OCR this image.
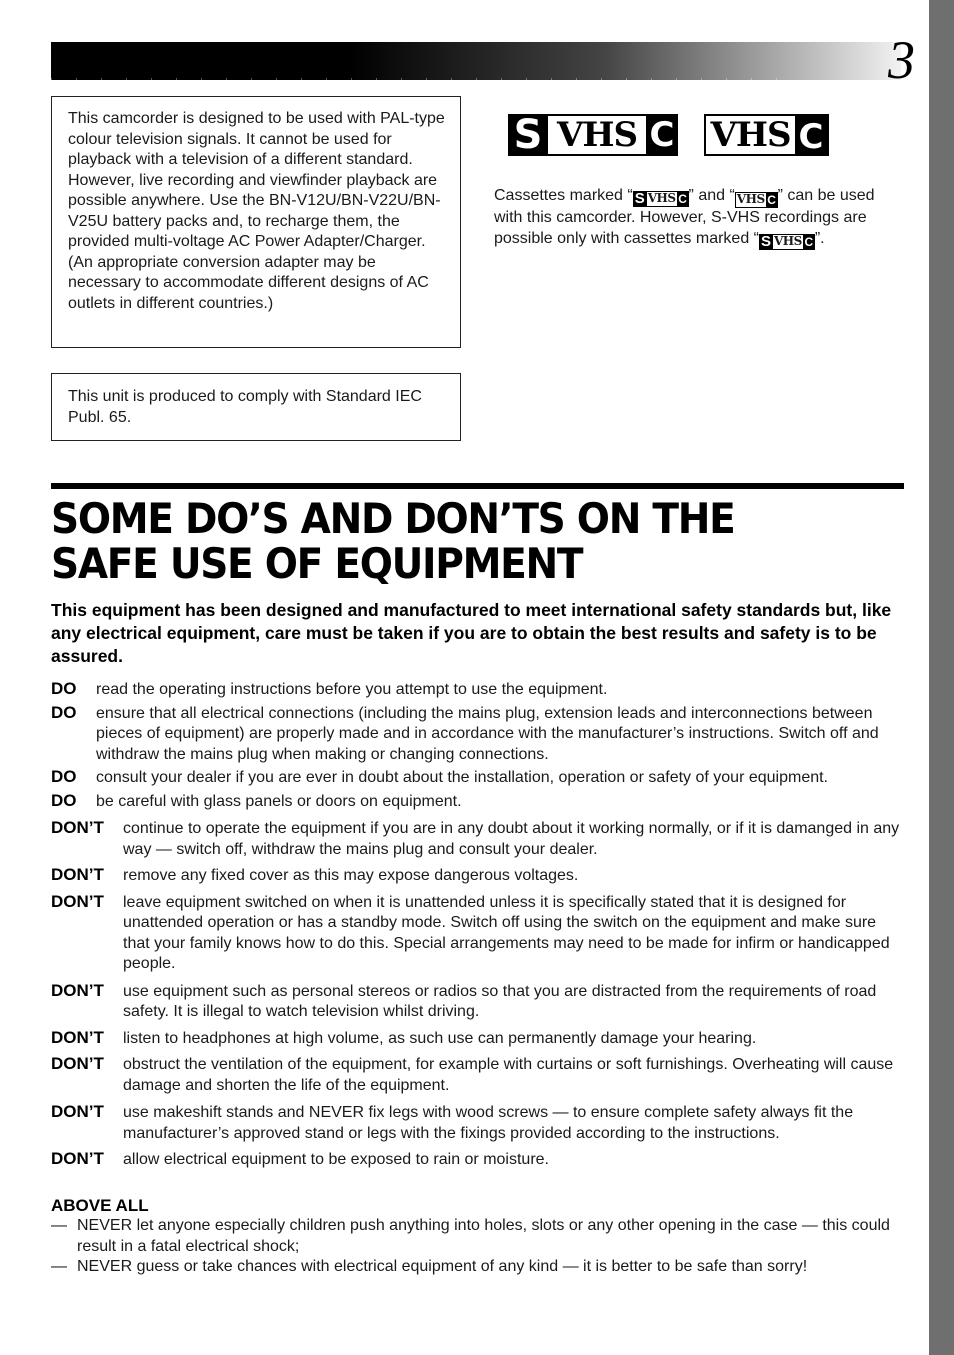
3
This camcorder is designed to be used with PAL-type colour television signals. It cannot be used for playback with a television of a different standard. However, live recording and viewfinder playback are possible anywhere. Use the BN-V12U/BN-V22U/BN-V25U battery packs and, to recharge them, the provided multi-voltage AC Power Adapter/Charger. (An appropriate conversion adapter may be necessary to accommodate different designs of AC outlets in different countries.)
This unit is produced to comply with Standard IEC Publ. 65.
S VHS C VHS C
Cassettes marked “ S VHS C ” and “ VHS C ” can be used with this camcorder. However, S-VHS recordings are possible only with cassettes marked “ S VHS C ”.
SOME DO’S AND DON’TS ON THE SAFE USE OF EQUIPMENT
This equipment has been designed and manufactured to meet international safety standards but, like any electrical equipment, care must be taken if you are to obtain the best results and safety is to be assured.
DO	read the operating instructions before you attempt to use the equipment.
DO	ensure that all electrical connections (including the mains plug, extension leads and interconnections between pieces of equipment) are properly made and in accordance with the manufacturer’s instructions. Switch off and withdraw the mains plug when making or changing connections.
DO	consult your dealer if you are ever in doubt about the installation, operation or safety of your equipment.
DO	be careful with glass panels or doors on equipment.
DON’T	continue to operate the equipment if you are in any doubt about it working normally, or if it is damanged in any way — switch off, withdraw the mains plug and consult your dealer.
DON’T	remove any fixed cover as this may expose dangerous voltages.
DON’T	leave equipment switched on when it is unattended unless it is specifically stated that it is designed for unattended operation or has a standby mode. Switch off using the switch on the equipment and make sure that your family knows how to do this. Special arrangements may need to be made for infirm or handicapped people.
DON’T	use equipment such as personal stereos or radios so that you are distracted from the requirements of road safety. It is illegal to watch television whilst driving.
DON’T	listen to headphones at high volume, as such use can permanently damage your hearing.
DON’T	obstruct the ventilation of the equipment, for example with curtains or soft furnishings. Overheating will cause damage and shorten the life of the equipment.
DON’T	use makeshift stands and NEVER fix legs with wood screws — to ensure complete safety always fit the manufacturer’s approved stand or legs with the fixings provided according to the instructions.
DON’T	allow electrical equipment to be exposed to rain or moisture.
ABOVE ALL
— NEVER let anyone especially children push anything into holes, slots or any other opening in the case — this could result in a fatal electrical shock;
— NEVER guess or take chances with electrical equipment of any kind — it is better to be safe than sorry!
